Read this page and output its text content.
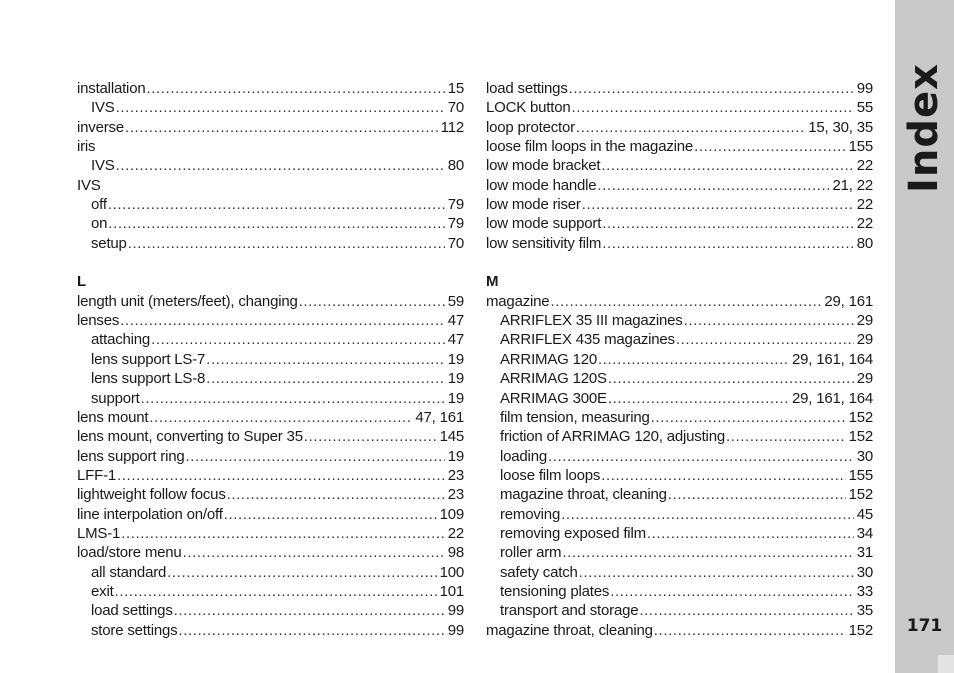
installation .....	15
IVS .....	70
inverse .....	112
iris
IVS .....	80
IVS
off .....	79
on .....	79
setup .....	70
L
length unit (meters/feet), changing .....	59
lenses .....	47
attaching .....	47
lens support LS-7 .....	19
lens support LS-8 .....	19
support .....	19
lens mount .....	47, 161
lens mount, converting to Super 35 .....	145
lens support ring .....	19
LFF-1 .....	23
lightweight follow focus .....	23
line interpolation on/off .....	109
LMS-1 .....	22
load/store menu .....	98
all standard .....	100
exit .....	101
load settings .....	99
store settings .....	99
load settings .....	99
LOCK button .....	55
loop protector .....	15, 30, 35
loose film loops in the magazine .....	155
low mode bracket .....	22
low mode handle .....	21, 22
low mode riser .....	22
low mode support .....	22
low sensitivity film .....	80
M
magazine .....	29, 161
ARRIFLEX 35 III magazines .....	29
ARRIFLEX 435 magazines .....	29
ARRIMAG 120 .....	29, 161, 164
ARRIMAG 120S .....	29
ARRIMAG 300E .....	29, 161, 164
film tension, measuring .....	152
friction of ARRIMAG 120, adjusting .....	152
loading .....	30
loose film loops .....	155
magazine throat, cleaning .....	152
removing .....	45
removing exposed film .....	34
roller arm .....	31
safety catch .....	30
tensioning plates .....	33
transport and storage .....	35
magazine throat, cleaning .....	152
Index
171
